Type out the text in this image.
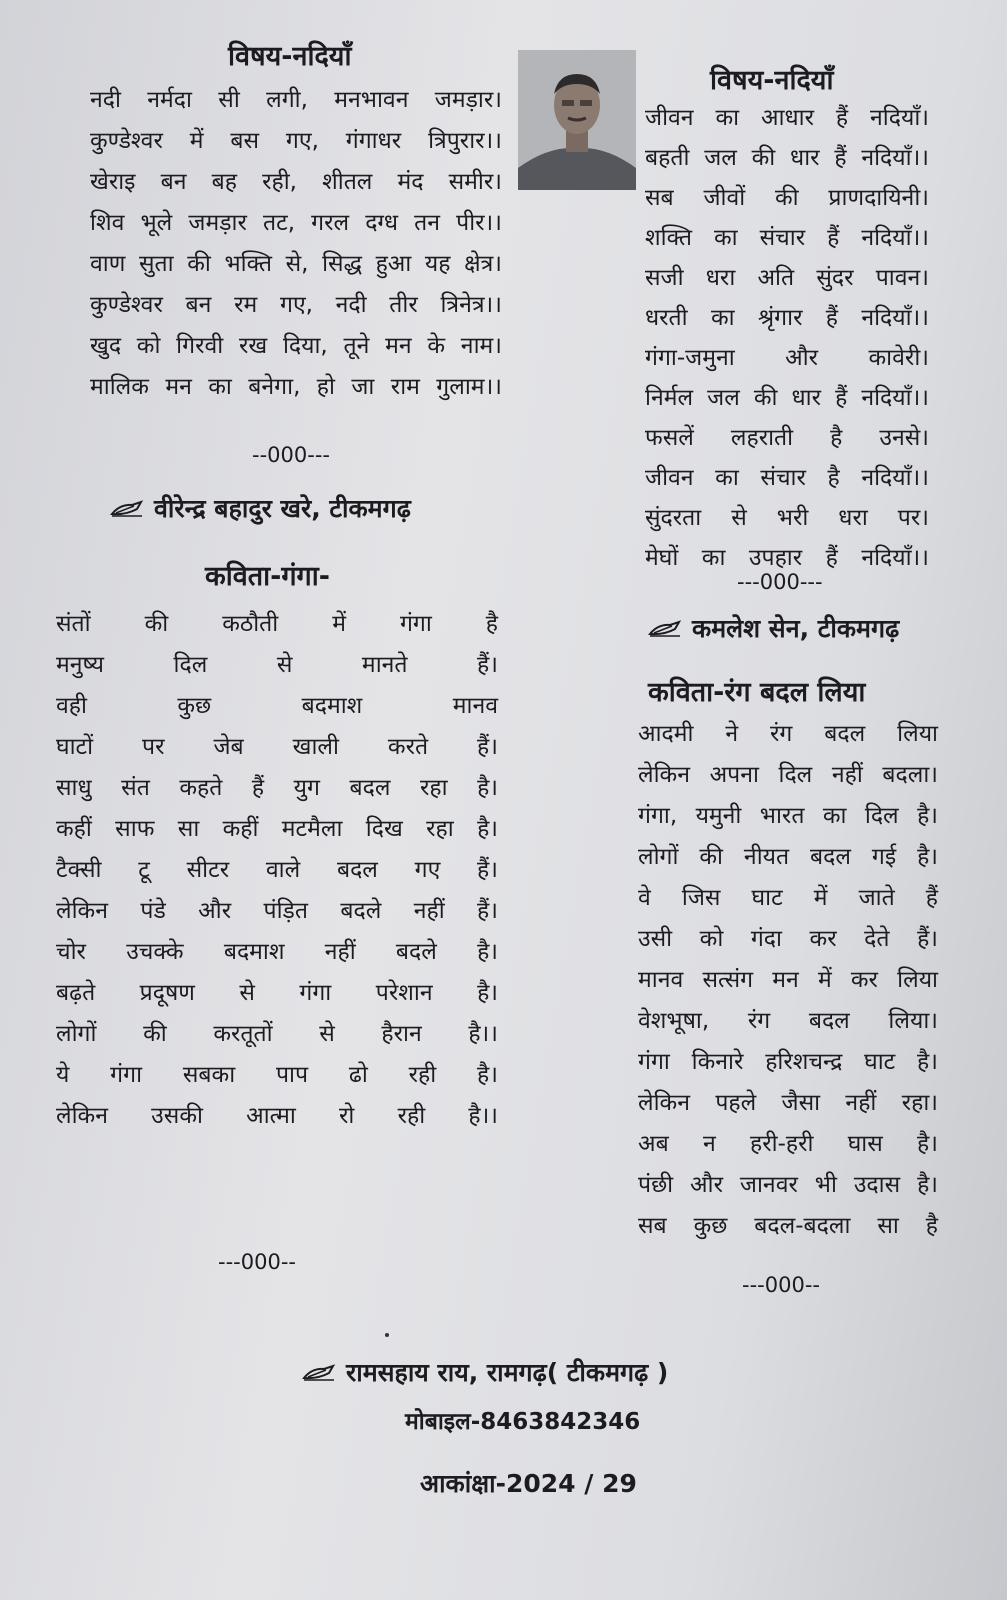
विषय-नदियाँ
नदी नर्मदा सी लगी, मनभावन जमड़ार।
कुण्डेश्वर में बस गए, गंगाधर त्रिपुरार।।
खेराइ बन बह रही, शीतल मंद समीर।
शिव भूले जमड़ार तट, गरल दग्ध तन पीर।।
वाण सुता की भक्ति से, सिद्ध हुआ यह क्षेत्र।
कुण्डेश्वर बन रम गए, नदी तीर त्रिनेत्र।।
खुद को गिरवी रख दिया, तूने मन के नाम।
मालिक मन का बनेगा, हो जा राम गुलाम।।
--000---
वीरेन्द्र बहादुर खरे, टीकमगढ़
विषय-नदियाँ
जीवन का आधार हैं नदियाँ।
बहती जल की धार हैं नदियाँ।।
सब जीवों की प्राणदायिनी।
शक्ति का संचार हैं नदियाँ।।
सजी धरा अति सुंदर पावन।
धरती का श्रृंगार हैं नदियाँ।।
गंगा-जमुना और कावेरी।
निर्मल जल की धार हैं नदियाँ।।
फसलें लहराती है उनसे।
जीवन का संचार है नदियाँ।।
सुंदरता से भरी धरा पर।
मेघों का उपहार हैं नदियाँ।।
---000---
कमलेश सेन, टीकमगढ़
कविता-गंगा-
संतों की कठौती में गंगा है
मनुष्य दिल से मानते हैं।
वही कुछ बदमाश मानव
घाटों पर जेब खाली करते हैं।
साधु संत कहते हैं युग बदल रहा है।
कहीं साफ सा कहीं मटमैला दिख रहा है।
टैक्सी टू सीटर वाले बदल गए हैं।
लेकिन पंडे और पंड़ित बदले नहीं हैं।
चोर उचक्के बदमाश नहीं बदले है।
बढ़ते प्रदूषण से गंगा परेशान है।
लोगों की करतूतों से हैरान है।।
ये गंगा सबका पाप ढो रही है।
लेकिन उसकी आत्मा रो रही है।।
---000--
कविता-रंग बदल लिया
आदमी ने रंग बदल लिया
लेकिन अपना दिल नहीं बदला।
गंगा, यमुनी भारत का दिल है।
लोगों की नीयत बदल गई है।
वे जिस घाट में जाते हैं
उसी को गंदा कर देते हैं।
मानव सत्संग मन में कर लिया
वेशभूषा, रंग बदल लिया।
गंगा किनारे हरिशचन्द्र घाट है।
लेकिन पहले जैसा नहीं रहा।
अब न हरी-हरी घास है।
पंछी और जानवर भी उदास है।
सब कुछ बदल-बदला सा है
---000--
रामसहाय राय, रामगढ़( टीकमगढ़ )
मोबाइल-8463842346
आकांक्षा-2024 / 29
